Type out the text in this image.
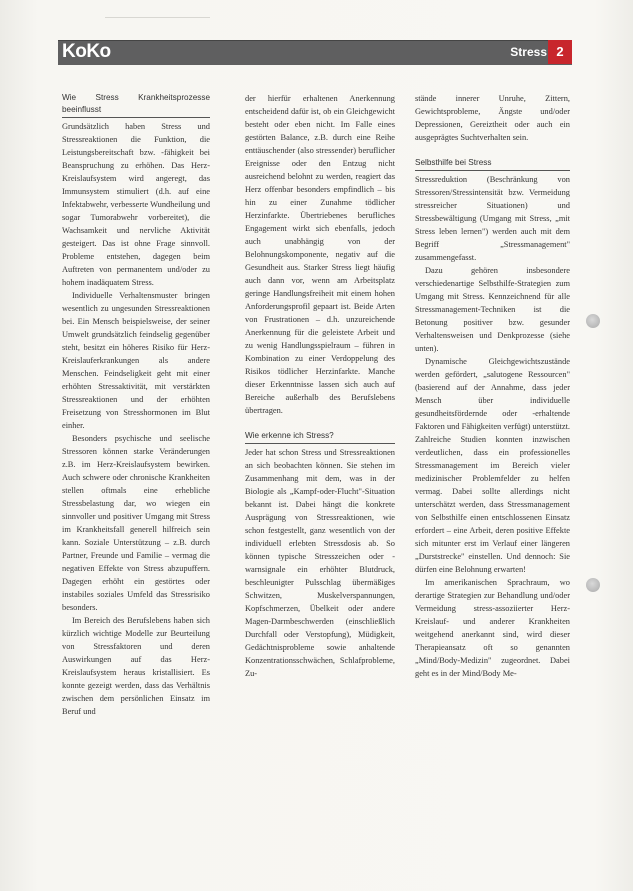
KoKo	Stress 2
Wie Stress Krankheitsprozesse beeinflusst

Grundsätzlich haben Stress und Stressreaktionen die Funktion, die Leistungsbereitschaft bzw. -fähigkeit bei Beanspruchung zu erhöhen. Das Herz-Kreislaufsystem wird angeregt, das Immunsystem stimuliert (d.h. auf eine Infektabwehr, verbesserte Wundheilung und sogar Tumorabwehr vorbereitet), die Wachsamkeit und nervliche Aktivität gesteigert. Das ist ohne Frage sinnvoll. Probleme entstehen, dagegen beim Auftreten von permanentem und/oder zu hohem inadäquatem Stress.

Individuelle Verhaltensmuster bringen wesentlich zu ungesunden Stressreaktionen bei. Ein Mensch beispielsweise, der seiner Umwelt grundsätzlich feindselig gegenüber steht, besitzt ein höheres Risiko für Herz-Kreislauferkrankungen als andere Menschen. Feindseligkeit geht mit einer erhöhten Stressaktivität, mit verstärkten Stressreaktionen und der erhöhten Freisetzung von Stresshormonen im Blut einher.

Besonders psychische und seelische Stressoren können starke Veränderungen z.B. im Herz-Kreislaufsystem bewirken. Auch schwere oder chronische Krankheiten stellen oftmals eine erhebliche Stressbelastung dar, wo wiegen ein sinnvoller und positiver Umgang mit Stress im Krankheitsfall generell hilfreich sein kann. Soziale Unterstützung – z.B. durch Partner, Freunde und Familie – vermag die negativen Effekte von Stress abzupuffern. Dagegen erhöht ein gestörtes oder instabiles soziales Umfeld das Stressrisiko besonders.

Im Bereich des Berufslebens haben sich kürzlich wichtige Modelle zur Beurteilung von Stressfaktoren und deren Auswirkungen auf das Herz-Kreislaufsystem heraus kristallisiert. Es konnte gezeigt werden, dass das Verhältnis zwischen dem persönlichen Einsatz im Beruf und

der hierfür erhaltenen Anerkennung entscheidend dafür ist, ob ein Gleichgewicht besteht oder eben nicht. Im Falle eines gestörten Balance, z.B. durch eine Reihe enttäuschender (also stressender) beruflicher Ereignisse oder den Entzug nicht ausreichend belohnt zu werden, reagiert das Herz offenbar besonders empfindlich – bis hin zu einer Zunahme tödlicher Herzinfarkte. Übertriebenes berufliches Engagement wirkt sich ebenfalls, jedoch auch unabhängig von der Belohnungskomponente, negativ auf die Gesundheit aus. Starker Stress liegt häufig auch dann vor, wenn am Arbeitsplatz geringe Handlungsfreiheit mit einem hohen Anforderungsprofil gepaart ist. Beide Arten von Frustrationen – d.h. unzureichende Anerkennung für die geleistete Arbeit und zu wenig Handlungsspielraum – führen in Kombination zu einer Verdoppelung des Risikos tödlicher Herzinfarkte. Manche dieser Erkenntnisse lassen sich auch auf Bereiche außerhalb des Berufslebens übertragen.

Wie erkenne ich Stress?

Jeder hat schon Stress und Stressreaktionen an sich beobachten können. Sie stehen im Zusammenhang mit dem, was in der Biologie als „Kampf-oder-Flucht"-Situation bekannt ist. Dabei hängt die konkrete Ausprägung von Stressreaktionen, wie schon festgestellt, ganz wesentlich von der individuell erlebten Stressdosis ab. So können typische Stresszeichen oder -warnsignale ein erhöhter Blutdruck, beschleunigter Pulsschlag übermäßiges Schwitzen, Muskelverspannungen, Kopfschmerzen, Übelkeit oder andere Magen-Darmbeschwerden (einschließlich Durchfall oder Verstopfung), Müdigkeit, Gedächtnisprobleme sowie anhaltende Konzentrationsschwächen, Schlafprobleme, Zu-

stände innerer Unruhe, Zittern, Gewichtsprobleme, Ängste und/oder Depressionen, Gereiztheit oder auch ein ausgeprägtes Suchtverhalten sein.

Selbsthilfe bei Stress

Stressreduktion (Beschränkung von Stressoren/Stressintensität bzw. Vermeidung stressreicher Situationen) und Stressbewältigung (Umgang mit Stress, „mit Stress leben lernen") werden auch mit dem Begriff „Stressmanagement" zusammengefasst.

Dazu gehören insbesondere verschiedenartige Selbsthilfe-Strategien zum Umgang mit Stress. Kennzeichnend für alle Stressmanagement-Techniken ist die Betonung positiver bzw. gesunder Verhaltensweisen und Denkprozesse (siehe unten).

Dynamische Gleichgewichtszustände werden gefördert, „salutogene Ressourcen" (basierend auf der Annahme, dass jeder Mensch über individuelle gesundheitsfördernde oder -erhaltende Faktoren und Fähigkeiten verfügt) unterstützt. Zahlreiche Studien konnten inzwischen verdeutlichen, dass ein professionelles Stressmanagement im Bereich vieler medizinischer Problemfelder zu helfen vermag. Dabei sollte allerdings nicht unterschätzt werden, dass Stressmanagement von Selbsthilfe einen entschlossenen Einsatz erfordert – eine Arbeit, deren positive Effekte sich mitunter erst im Verlauf einer längeren „Durststrecke" einstellen. Und dennoch: Sie dürfen eine Belohnung erwarten!

Im amerikanischen Sprachraum, wo derartige Strategien zur Behandlung und/oder Vermeidung stress-assoziierter Herz-Kreislauf- und anderer Krankheiten weitgehend anerkannt sind, wird dieser Therapieansatz oft so genannten „Mind/Body-Medizin" zugeordnet. Dabei geht es in der Mind/Body Me-
